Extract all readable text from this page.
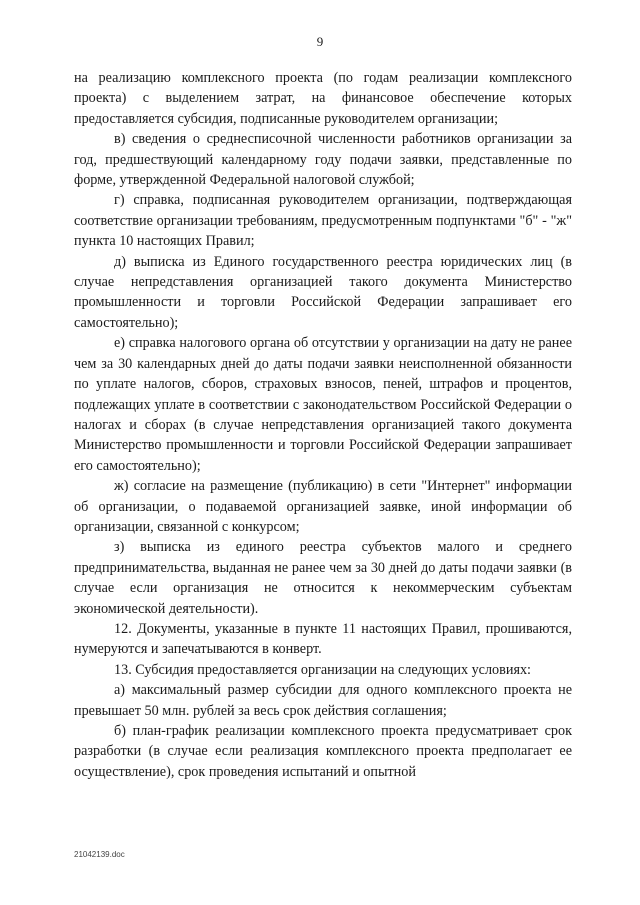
9

на реализацию комплексного проекта (по годам реализации комплексного проекта) с выделением затрат, на финансовое обеспечение которых предоставляется субсидия, подписанные руководителем организации;

в) сведения о среднесписочной численности работников организации за год, предшествующий календарному году подачи заявки, представленные по форме, утвержденной Федеральной налоговой службой;

г) справка, подписанная руководителем организации, подтверждающая соответствие организации требованиям, предусмотренным подпунктами "б" - "ж" пункта 10 настоящих Правил;

д) выписка из Единого государственного реестра юридических лиц (в случае непредставления организацией такого документа Министерство промышленности и торговли Российской Федерации запрашивает его самостоятельно);

е) справка налогового органа об отсутствии у организации на дату не ранее чем за 30 календарных дней до даты подачи заявки неисполненной обязанности по уплате налогов, сборов, страховых взносов, пеней, штрафов и процентов, подлежащих уплате в соответствии с законодательством Российской Федерации о налогах и сборах (в случае непредставления организацией такого документа Министерство промышленности и торговли Российской Федерации запрашивает его самостоятельно);

ж) согласие на размещение (публикацию) в сети "Интернет" информации об организации, о подаваемой организацией заявке, иной информации об организации, связанной с конкурсом;

з) выписка из единого реестра субъектов малого и среднего предпринимательства, выданная не ранее чем за 30 дней до даты подачи заявки (в случае если организация не относится к некоммерческим субъектам экономической деятельности).

12. Документы, указанные в пункте 11 настоящих Правил, прошиваются, нумеруются и запечатываются в конверт.

13. Субсидия предоставляется организации на следующих условиях:

а) максимальный размер субсидии для одного комплексного проекта не превышает 50 млн. рублей за весь срок действия соглашения;

б) план-график реализации комплексного проекта предусматривает срок разработки (в случае если реализация комплексного проекта предполагает ее осуществление), срок проведения испытаний и опытной

21042139.doc
